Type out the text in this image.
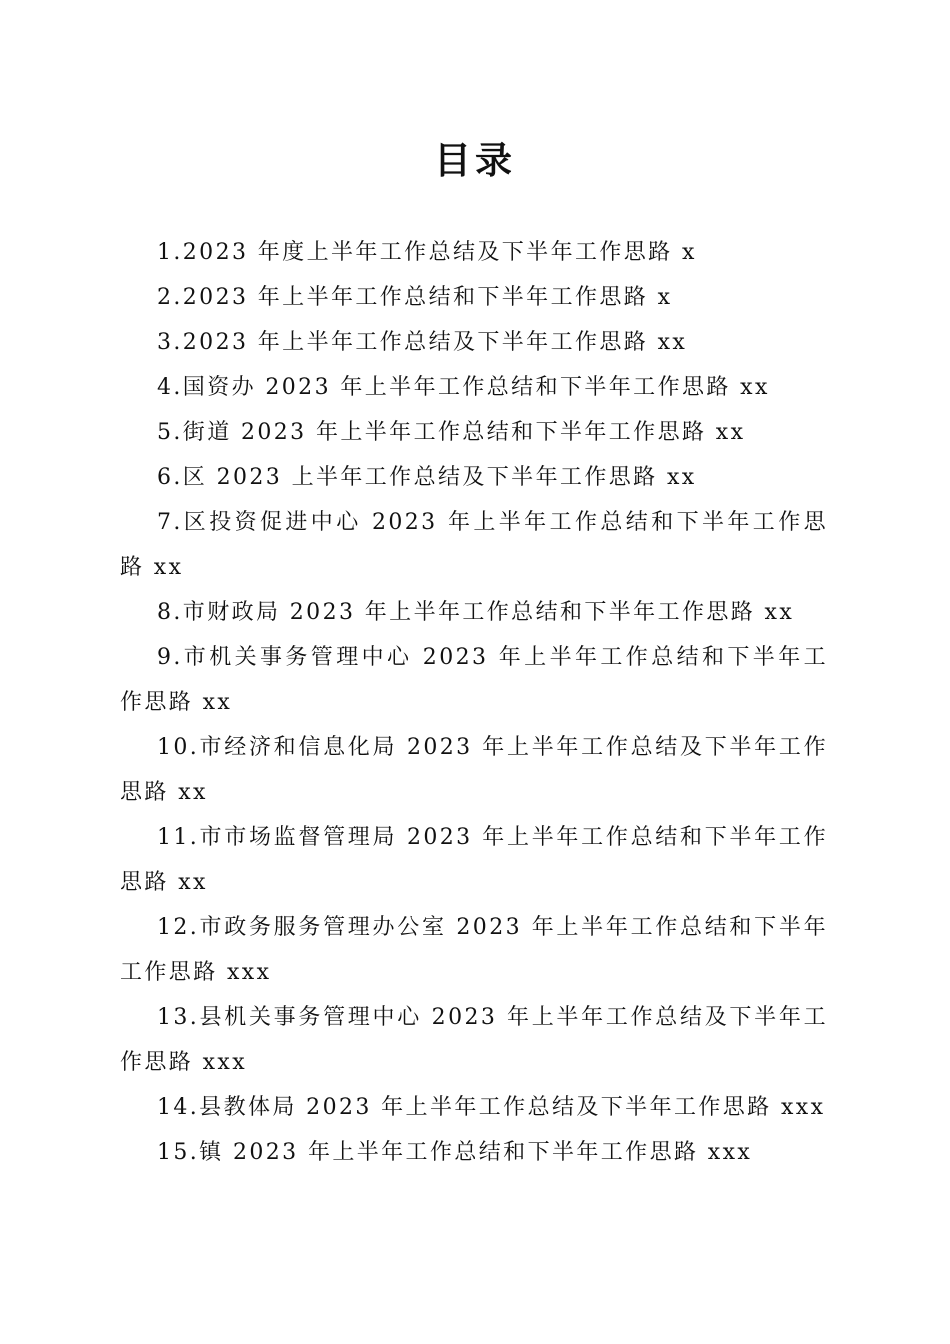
目录
1.2023 年度上半年工作总结及下半年工作思路 x
2.2023 年上半年工作总结和下半年工作思路 x
3.2023 年上半年工作总结及下半年工作思路 xx
4.国资办 2023 年上半年工作总结和下半年工作思路 xx
5.街道 2023 年上半年工作总结和下半年工作思路 xx
6.区 2023 上半年工作总结及下半年工作思路 xx
7.区投资促进中心 2023 年上半年工作总结和下半年工作思路 xx
8.市财政局 2023 年上半年工作总结和下半年工作思路 xx
9.市机关事务管理中心 2023 年上半年工作总结和下半年工作思路 xx
10.市经济和信息化局 2023 年上半年工作总结及下半年工作思路 xx
11.市市场监督管理局 2023 年上半年工作总结和下半年工作思路 xx
12.市政务服务管理办公室 2023 年上半年工作总结和下半年工作思路 xxx
13.县机关事务管理中心 2023 年上半年工作总结及下半年工作思路 xxx
14.县教体局 2023 年上半年工作总结及下半年工作思路 xxx
15.镇 2023 年上半年工作总结和下半年工作思路 xxx
